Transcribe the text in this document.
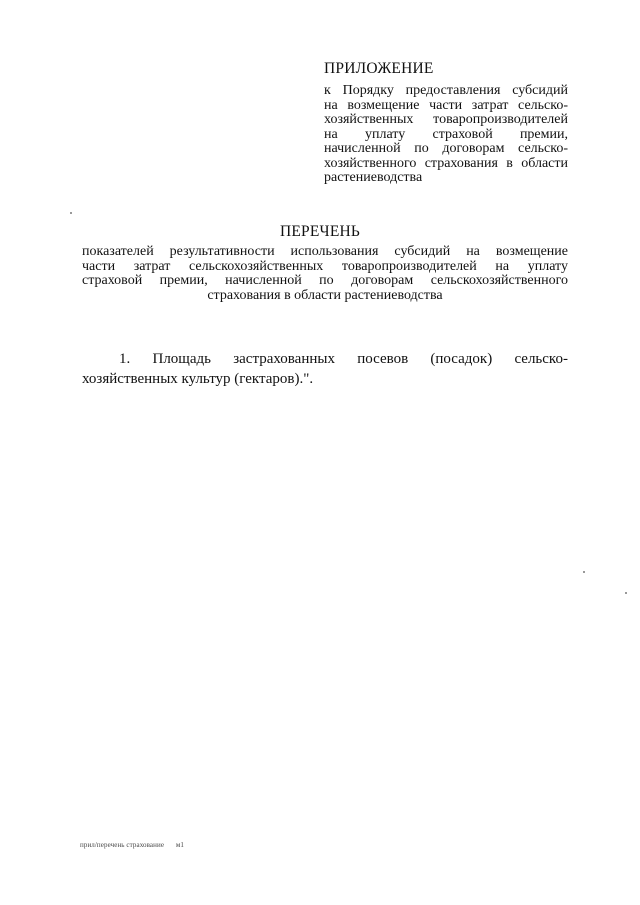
ПРИЛОЖЕНИЕ
к Порядку предоставления субсидий
на возмещение части затрат сельско-
хозяйственных товаропроизводителей
на уплату страховой премии,
начисленной по договорам сельско-
хозяйственного страхования в области
растениеводства
ПЕРЕЧЕНЬ
показателей результативности использования субсидий на возмещение
части затрат сельскохозяйственных товаропроизводителей на уплату
страховой премии, начисленной по договорам сельскохозяйственного
страхования в области растениеводства
1. Площадь застрахованных посевов (посадок) сельско-
хозяйственных культур (гектаров).".
прил/перечень страхование м1
